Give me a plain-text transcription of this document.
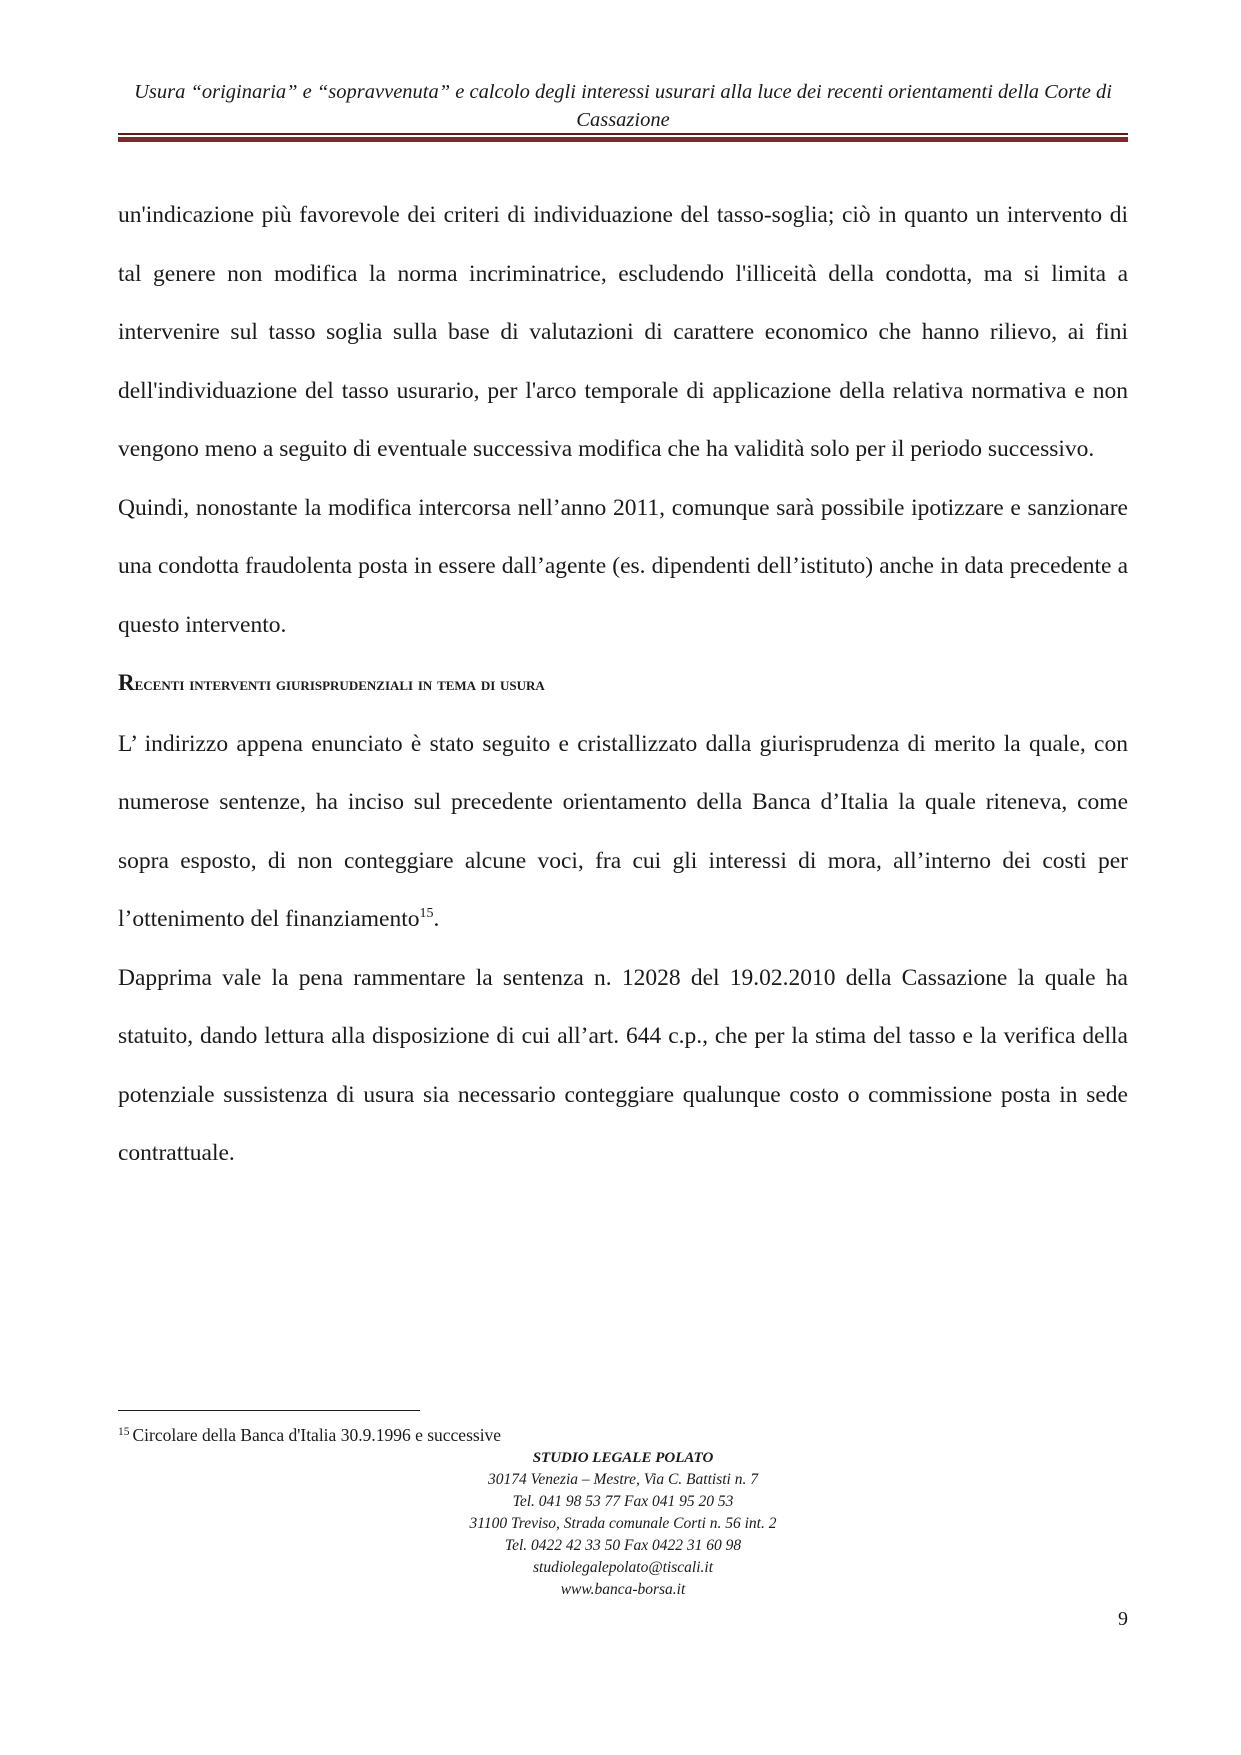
Usura “originaria” e “sopravvenuta” e calcolo degli interessi usurari alla luce dei recenti orientamenti della Corte di Cassazione

un'indicazione più favorevole dei criteri di individuazione del tasso-soglia; ciò in quanto un intervento di tal genere non modifica la norma incriminatrice, escludendo l'illiceità della condotta, ma si limita a intervenire sul tasso soglia sulla base di valutazioni di carattere economico che hanno rilievo, ai fini dell'individuazione del tasso usurario, per l'arco temporale di applicazione della relativa normativa e non vengono meno a seguito di eventuale successiva modifica che ha validità solo per il periodo successivo.

Quindi, nonostante la modifica intercorsa nell’anno 2011, comunque sarà possibile ipotizzare e sanzionare una condotta fraudolenta posta in essere dall’agente (es. dipendenti dell’istituto) anche in data precedente a questo intervento.

Recenti interventi giurisprudenziali in tema di usura

L’ indirizzo appena enunciato è stato seguito e cristallizzato dalla giurisprudenza di merito la quale, con numerose sentenze, ha inciso sul precedente orientamento della Banca d’Italia la quale riteneva, come sopra esposto, di non conteggiare alcune voci, fra cui gli interessi di mora, all’interno dei costi per l’ottenimento del finanziamento$^{15}$.

Dapprima vale la pena rammentare la sentenza n. 12028 del 19.02.2010 della Cassazione la quale ha statuito, dando lettura alla disposizione di cui all’art. 644 c.p., che per la stima del tasso e la verifica della potenziale sussistenza di usura sia necessario conteggiare qualunque costo o commissione posta in sede contrattuale.

$^{15}$ Circolare della Banca d'Italia 30.9.1996 e successive
STUDIO LEGALE POLATO
30174 Venezia – Mestre, Via C. Battisti n. 7
Tel. 041 98 53 77 Fax 041 95 20 53
31100 Treviso, Strada comunale Corti n. 56 int. 2
Tel. 0422 42 33 50 Fax 0422 31 60 98
studiolegalepolato@tiscali.it
www.banca-borsa.it
9
